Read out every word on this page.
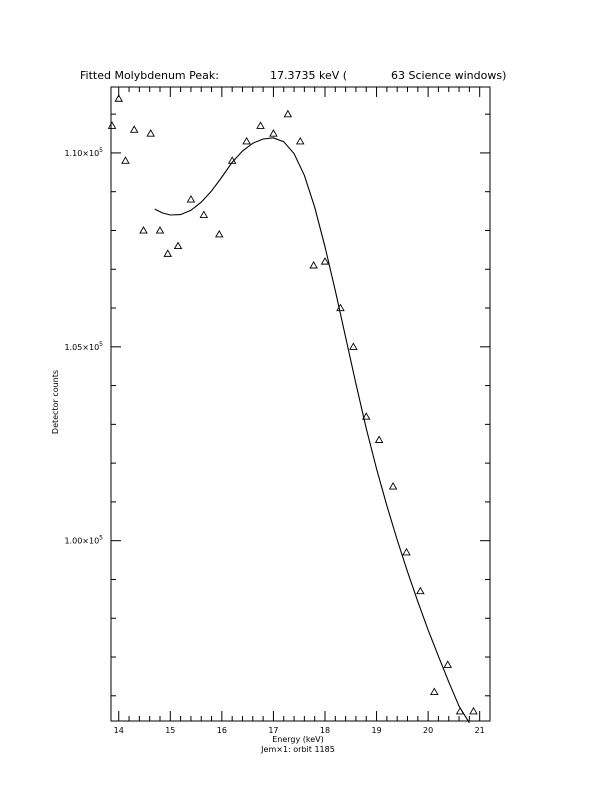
Fitted Molybdenum Peak:	17.3735 keV (	63 Science windows)
14	15	16	17	18	19	20	21
$1.00\times 10^5$
$1.05\times 10^5$
$1.10\times 10^5$
Energy (keV)
Jem×1: orbit 1185
Detector counts
